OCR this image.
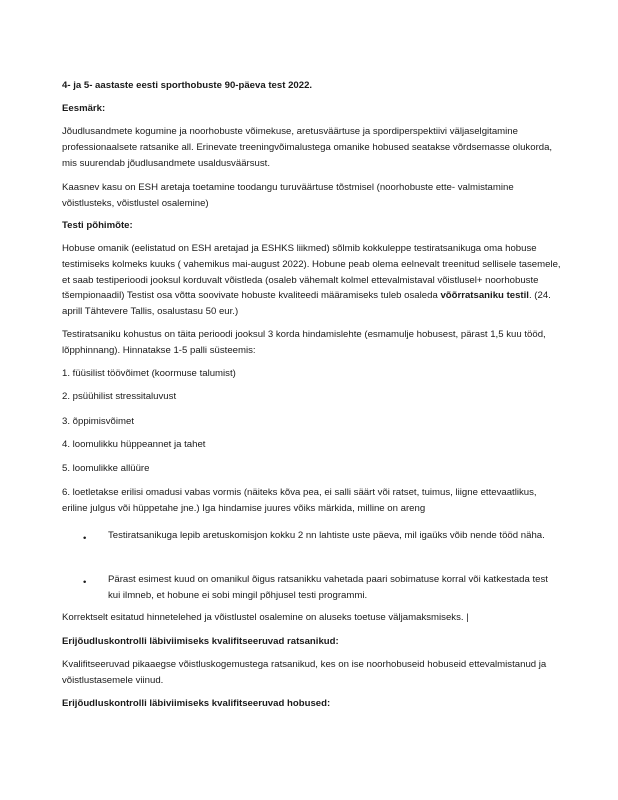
4- ja 5- aastaste eesti sporthobuste 90-päeva test 2022.

Eesmärk:

Jõudlusandmete kogumine ja noorhobuste võimekuse, aretusväärtuse ja spordiperspektiivi väljaselgitamine professionaalsete ratsanike all. Erinevate treeningvõimalustega omanike hobused seatakse võrdsemasse olukorda, mis suurendab jõudlusandmete usaldusväärsust.

Kaasnev kasu on ESH aretaja toetamine toodangu turuväärtuse tõstmisel (noorhobuste ette- valmistamine võistlusteks, võistlustel osalemine)

Testi põhimõte:

Hobuse omanik (eelistatud on ESH aretajad ja ESHKS liikmed) sõlmib kokkuleppe testiratsanikuga oma hobuse testimiseks kolmeks kuuks ( vahemikus mai-august 2022). Hobune peab olema eelnevalt treenitud sellisele tasemele, et saab testiperioodi jooksul korduvalt võistleda (osaleb vähemalt kolmel ettevalmistaval võistlusel+ noorhobuste tšempionaadil) Testist osa võtta soovivate hobuste kvaliteedi määramiseks tuleb osaleda võõrratsaniku testil. (24. aprill Tähtevere Tallis, osalustasu 50 eur.)

Testiratsaniku kohustus on täita perioodi jooksul 3 korda hindamislehte (esmamulje hobusest, pärast 1,5 kuu tööd, lõpphinnang). Hinnatakse 1-5 palli süsteemis:

1. füüsilist töövõimet (koormuse talumist)

2. psüühilist stressitaluvust

3. õppimisvõimet

4. loomulikku hüppeannet ja tahet

5. loomulikke allüüre

6. loetletakse erilisi omadusi vabas vormis (näiteks kõva pea, ei salli säärt või ratset, tuimus, liigne ettevaatlikus, eriline julgus või hüppetahe jne.) Iga hindamise juures võiks märkida, milline on areng

•	Testiratsanikuga lepib aretuskomisjon kokku 2 nn lahtiste uste päeva, mil igaüks võib nende tööd näha.

•	Pärast esimest kuud on omanikul õigus ratsanikku vahetada paari sobimatuse korral või katkestada test kui ilmneb, et hobune ei sobi mingil põhjusel testi programmi.

Korrektselt esitatud hinnetelehed ja võistlustel osalemine on aluseks toetuse väljamaksmiseks. |

Erijõudluskontrolli läbiviimiseks kvalifitseeruvad ratsanikud:

Kvalifitseeruvad pikaaegse võistluskogemustega ratsanikud, kes on ise noorhobuseid hobuseid ettevalmistanud ja võistlustasemele viinud.

Erijõudluskontrolli läbiviimiseks kvalifitseeruvad hobused:
